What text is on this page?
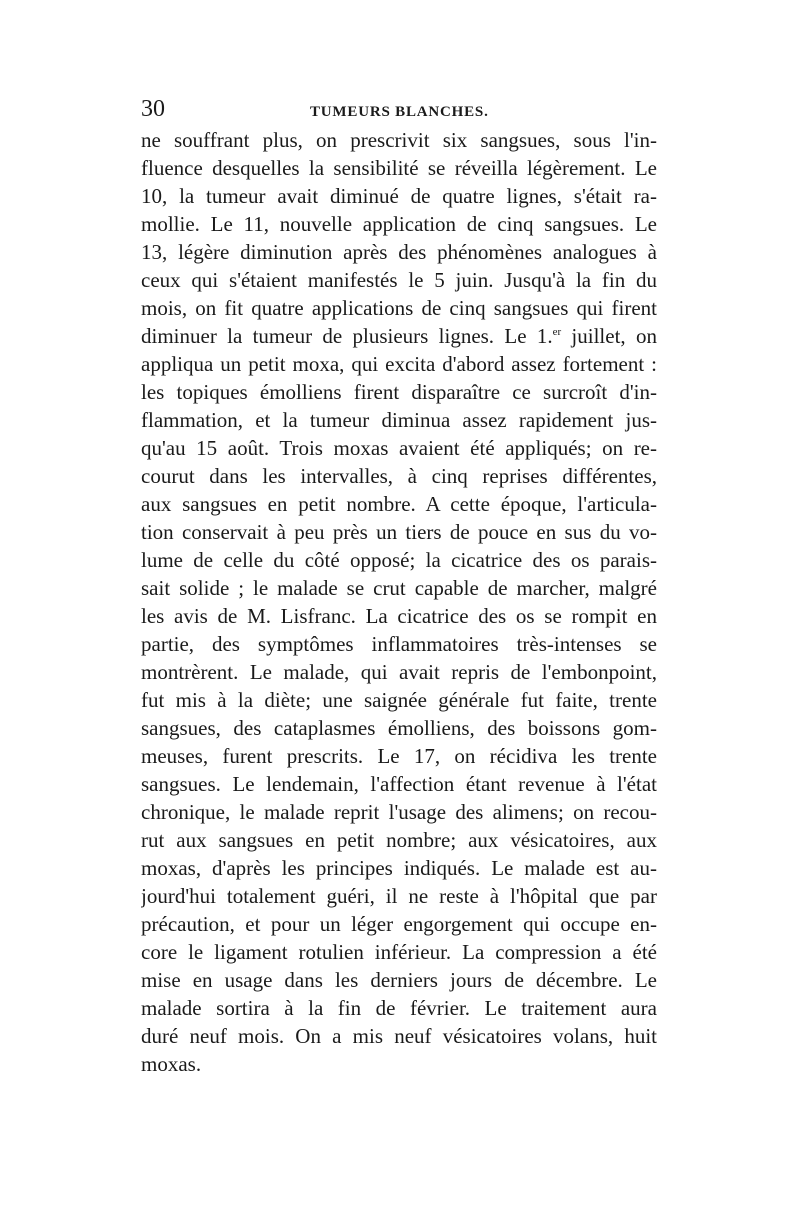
30	TUMEURS BLANCHES.
ne souffrant plus, on prescrivit six sangsues, sous l'in-
fluence desquelles la sensibilité se réveilla légèrement. Le
10, la tumeur avait diminué de quatre lignes, s'était ra-
mollie. Le 11, nouvelle application de cinq sangsues. Le
13, légère diminution après des phénomènes analogues à
ceux qui s'étaient manifestés le 5 juin. Jusqu'à la fin du
mois, on fit quatre applications de cinq sangsues qui firent
diminuer la tumeur de plusieurs lignes. Le 1.$^{er}$ juillet, on
appliqua un petit moxa, qui excita d'abord assez fortement :
les topiques émolliens firent disparaître ce surcroît d'in-
flammation, et la tumeur diminua assez rapidement jus-
qu'au 15 août. Trois moxas avaient été appliqués; on re-
courut dans les intervalles, à cinq reprises différentes,
aux sangsues en petit nombre. A cette époque, l'articula-
tion conservait à peu près un tiers de pouce en sus du vo-
lume de celle du côté opposé; la cicatrice des os parais-
sait solide ; le malade se crut capable de marcher, malgré
les avis de M. Lisfranc. La cicatrice des os se rompit en
partie, des symptômes inflammatoires très-intenses se
montrèrent. Le malade, qui avait repris de l'embonpoint,
fut mis à la diète; une saignée générale fut faite, trente
sangsues, des cataplasmes émolliens, des boissons gom-
meuses, furent prescrits. Le 17, on récidiva les trente
sangsues. Le lendemain, l'affection étant revenue à l'état
chronique, le malade reprit l'usage des alimens; on recou-
rut aux sangsues en petit nombre; aux vésicatoires, aux
moxas, d'après les principes indiqués. Le malade est au-
jourd'hui totalement guéri, il ne reste à l'hôpital que par
précaution, et pour un léger engorgement qui occupe en-
core le ligament rotulien inférieur. La compression a été
mise en usage dans les derniers jours de décembre. Le
malade sortira à la fin de février. Le traitement aura
duré neuf mois. On a mis neuf vésicatoires volans, huit
moxas.
